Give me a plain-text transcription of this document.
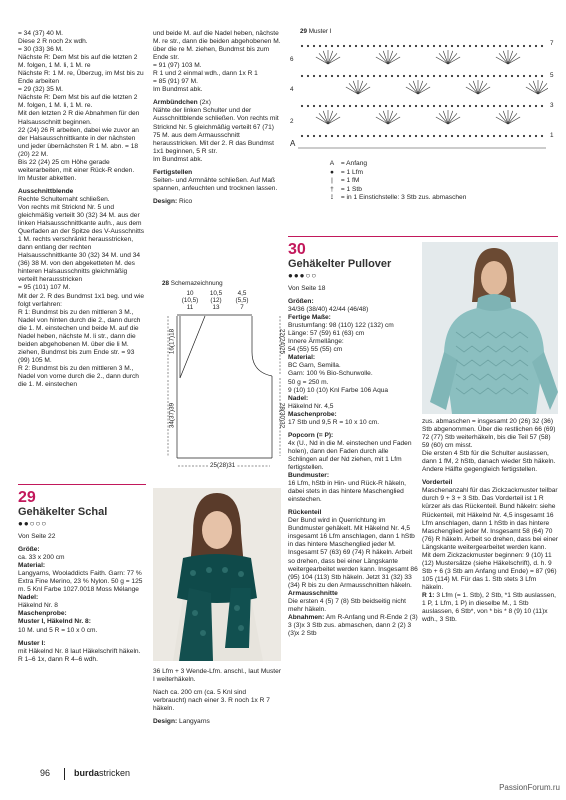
= 34 (37) 40 M.

Diese 2 R noch 2x wdh.

= 30 (33) 36 M.

Nächste R: Dem Mst bis auf die letzten 2 M. folgen, 1 M. li, 1 M. re

Nächste R: 1 M. re, Überzug, im Mst bis zu Ende arbeiten

= 29 (32) 35 M.

Nächste R: Dem Mst bis auf die letzten 2 M. folgen, 1 M. li, 1 M. re.

Mit den letzten 2 R die Abnahmen für den Halsausschnitt beginnen.

22 (24) 26 R arbeiten, dabei wie zuvor an der Halsausschnittkante in der nächsten und jeder übernächsten R 1 M. abn. = 18 (20) 22 M.

Bis 22 (24) 25 cm Höhe gerade weiterarbeiten, mit einer Rück-R enden.

Im Muster abketten.

Ausschnittblende

Rechte Schulternaht schließen.

Von rechts mit Stricknd Nr. 5 und gleichmäßig verteilt 30 (32) 34 M. aus der linken Halsausschnittkante aufn., aus dem Querfaden an der Spitze des V-Ausschnitts 1 M. rechts verschränkt herausstricken, dann entlang der rechten Halsausschnittkante 30 (32) 34 M. und 34 (36) 38 M. von den abgeketteten M. des hinteren Halsausschnitts gleichmäßig verteilt herausstricken

= 95 (101) 107 M.

Mit der 2. R des Bundmst 1x1 beg. und wie folgt verfahren:

R 1: Bundmst bis zu den mittleren 3 M., Nadel von hinten durch die 2., dann durch die 1. M. einstechen und beide M. auf die Nadel heben, nächste M. li str., dann die beiden abgehobenen M. über die li M. ziehen, Bundmst bis zum Ende str. = 93 (99) 105 M.

R 2: Bundmst bis zu den mittleren 3 M., Nadel von vorne durch die 2., dann durch die 1. M. einstechen

29
Gehäkelter Schal
●●○○○

Von Seite 22

Größe:

ca. 33 x 200 cm

Material:

Langyarns, Wooladdicts Faith. Garn: 77 % Extra Fine Merino, 23 % Nylon. 50 g = 125 m. 5 Knl Farbe 1027.0018 Moss Mélange

Nadel:

Häkelnd Nr. 8

Maschenprobe:

Muster I, Häkelnd Nr. 8:

10 M. und 5 R = 10 x 0 cm.

Muster I:

mit Häkelnd Nr. 8 laut Häkelschrift häkeln.

R 1–6 1x, dann R 4–6 wdh.

und beide M. auf die Nadel heben, nächste M. re str., dann die beiden abgehobenen M. über die re M. ziehen, Bundmst bis zum Ende str.

= 91 (97) 103 M.

R 1 und 2 einmal wdh., dann 1x R 1

= 85 (91) 97 M.

Im Bundmst abk.

Armbündchen (2x)

Nähte der linken Schulter und der Ausschnittblende schließen. Von rechts mit Stricknd Nr. 5 gleichmäßig verteilt 67 (71) 75 M. aus dem Armausschnitt herausstricken. Mit der 2. R das Bundmst 1x1 beginnen, 5 R str.

Im Bundmst abk.

Fertigstellen

Seiten- und Armnähte schließen. Auf Maß spannen, anfeuchten und trocknen lassen.

Design: Rico

28 Schemazeichnung
10
(10,5)
11
10,5
(12)
13
4,5
(5,5)
7
16(17)18
34(37)39
22(24)25
28(30)32
25(28)31

36 Lfm + 3 Wende-Lfm. anschl., laut Muster I weiterhäkeln.

Nach ca. 200 cm (ca. 5 Knl sind verbraucht) nach einer 3. R noch 1x R 7 häkeln.

Design: Langyarns

29 Muster I
6
4
2
A
7
5
3
1
A = Anfang
● = 1 Lfm
| = 1 fM
† = 1 Stb
⟟ = in 1 Einstichstelle: 3 Stb zus. abmaschen
30
Gehäkelter Pullover
●●●○○

Von Seite 18

Größen:

34/36 (38/40) 42/44 (46/48)

Fertige Maße:

Brustumfang: 98 (110) 122 (132) cm

Länge: 57 (59) 61 (63) cm

Innere Ärmellänge:

54 (55) 55 (55) cm

Material:

BC Garn, Semilla.

Garn: 100 % Bio-Schurwolle.

50 g = 250 m.

9 (10) 10 (10) Knl Farbe 106 Aqua

Nadel:

Häkelnd Nr. 4,5

Maschenprobe:

17 Stb und 9,5 R = 10 x 10 cm.

Popcorn (= P):

4x (U., Nd in die M. einstechen und Faden holen), dann den Faden durch alle Schlingen auf der Nd ziehen, mit 1 Lfm fertigstellen.

Bundmuster:

16 Lfm, hStb in Hin- und Rück-R häkeln, dabei stets in das hintere Maschenglied einstechen.

Rückenteil

Der Bund wird in Querrichtung im Bundmuster gehäkelt. Mit Häkelnd Nr. 4,5 insgesamt 16 Lfm anschlagen, dann 1 hStb in das hintere Maschenglied jeder M. Insgesamt 57 (63) 69 (74) R häkeln. Arbeit so drehen, dass bei einer Längskante weitergearbeitet werden kann. Insgesamt 86 (95) 104 (113) Stb häkeln. Jetzt 31 (32) 33 (34) R bis zu den Armausschnitten häkeln.

Armausschnitte

Die ersten 4 (5) 7 (8) Stb beidseitig nicht mehr häkeln.

Abnahmen: Am R-Anfang und R-Ende 2 (3) 3 (3)x 3 Stb zus. abmaschen, dann 2 (2) 3 (3)x 2 Stb

zus. abmaschen = insgesamt 20 (26) 32 (36) Stb abgenommen. Über die restlichen 66 (69) 72 (77) Stb weiterhäkeln, bis die Teil 57 (58) 59 (60) cm misst.

Die ersten 4 Stb für die Schulter auslassen, dann 1 fM, 2 hStb, danach wieder Stb häkeln. Andere Hälfte gegengleich fertigstellen.

Vorderteil

Maschenanzahl für das Zickzackmuster teilbar durch 9 + 3 + 3 Stb. Das Vorderteil ist 1 R kürzer als das Rückenteil. Bund häkeln: siehe Rückenteil, mit Häkelnd Nr. 4,5 insgesamt 16 Lfm anschlagen, dann 1 hStb in das hintere Maschenglied jeder M. Insgesamt 58 (64) 70 (76) R häkeln. Arbeit so drehen, dass bei einer Längskante weitergearbeitet werden kann.

Mit dem Zickzackmuster beginnen: 9 (10) 11 (12) Mustersätze (siehe Häkelschrift), d. h. 9 Stb + 6 (3 Stb am Anfang und Ende) = 87 (96) 105 (114) M. Für das 1. Stb stets 3 Lfm häkeln.

R 1: 3 Lfm (= 1. Stb), 2 Stb, *1 Stb auslassen, 1 P, 1 Lfm, 1 P) in dieselbe M., 1 Stb auslassen, 6 Stb*, von * bis * 8 (9) 10 (11)x wdh., 3 Stb.

96	burdastricken
PassionForum.ru
